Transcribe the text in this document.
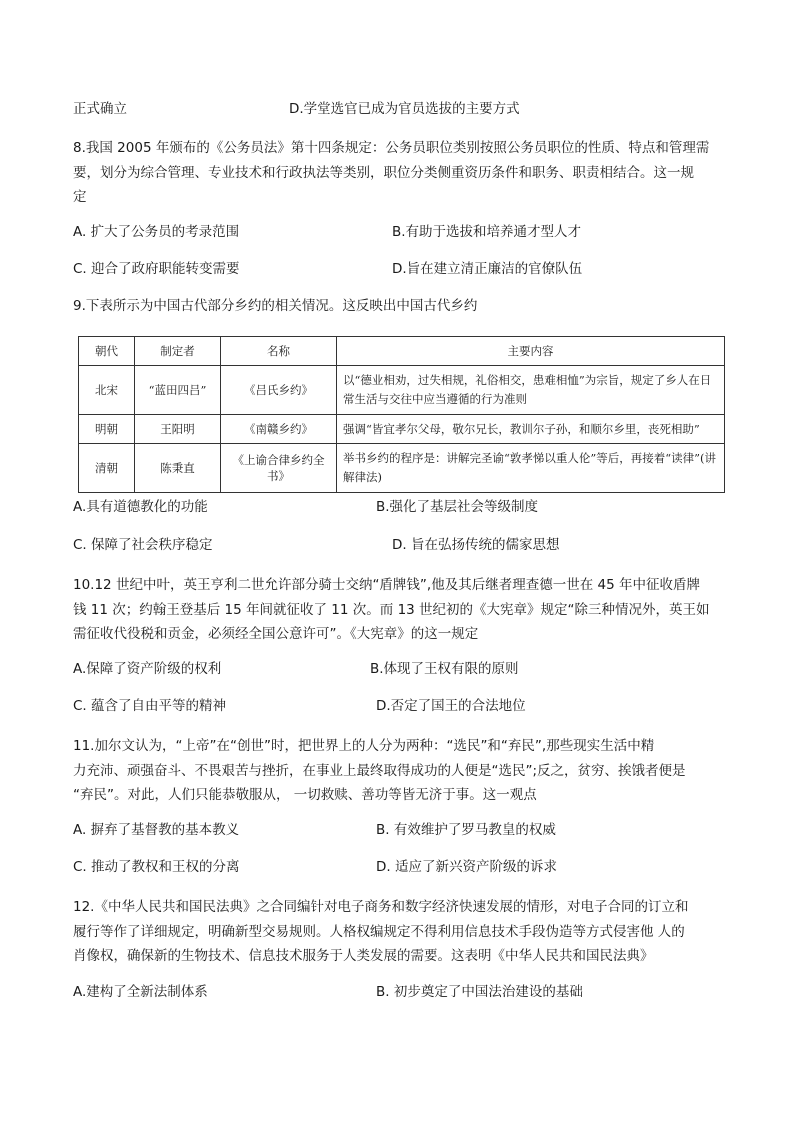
正式确立	D.学堂选官已成为官员选拔的主要方式
8.我国 2005 年颁布的《公务员法》第十四条规定：公务员职位类别按照公务员职位的性质、特点和管理需
要，划分为综合管理、专业技术和行政执法等类别，职位分类侧重资历条件和职务、职责相结合。这一规
定
A. 扩大了公务员的考录范围	B.有助于选拔和培养通才型人才
C. 迎合了政府职能转变需要	D.旨在建立清正廉洁的官僚队伍
9.下表所示为中国古代部分乡约的相关情况。这反映出中国古代乡约
朝代	制定者	名称	主要内容
北宋	“蓝田四吕”	《吕氏乡约》	以“德业相劝，过失相规，礼俗相交，患难相恤”为宗旨，规定了乡人在日常生活与交往中应当遵循的行为准则
明朝	王阳明	《南赣乡约》	强调“皆宜孝尔父母，敬尔兄长，教训尔子孙，和顺尔乡里，丧死相助”
清朝	陈秉直	《上谕合律乡约全书》	举书乡约的程序是：讲解完圣谕“敦孝悌以重人伦”等后，再接着“读律”(讲解律法)
A.具有道德教化的功能	B.强化了基层社会等级制度
C. 保障了社会秩序稳定	D. 旨在弘扬传统的儒家思想
10.12 世纪中叶，英王亨利二世允许部分骑士交纳“盾牌钱”,他及其后继者理查德一世在 45 年中征收盾牌
钱 11 次；约翰王登基后 15 年间就征收了 11 次。而 13 世纪初的《大宪章》规定“除三种情况外，英王如
需征收代役税和贡金，必须经全国公意许可”。《大宪章》的这一规定
A.保障了资产阶级的权利	B.体现了王权有限的原则
C. 蕴含了自由平等的精神	D.否定了国王的合法地位
11.加尔文认为，“上帝”在“创世”时，把世界上的人分为两种：“选民”和“弃民”,那些现实生活中精
力充沛、顽强奋斗、不畏艰苦与挫折，在事业上最终取得成功的人便是“选民”;反之，贫穷、挨饿者便是
“弃民”。对此，人们只能恭敬服从， 一切救赎、善功等皆无济于事。这一观点
A. 摒弃了基督教的基本教义	B. 有效维护了罗马教皇的权威
C. 推动了教权和王权的分离	D. 适应了新兴资产阶级的诉求
12.《中华人民共和国民法典》之合同编针对电子商务和数字经济快速发展的情形，对电子合同的订立和
履行等作了详细规定，明确新型交易规则。人格权编规定不得利用信息技术手段伪造等方式侵害他 人的
肖像权，确保新的生物技术、信息技术服务于人类发展的需要。这表明《中华人民共和国民法典》
A.建构了全新法制体系	B. 初步奠定了中国法治建设的基础
